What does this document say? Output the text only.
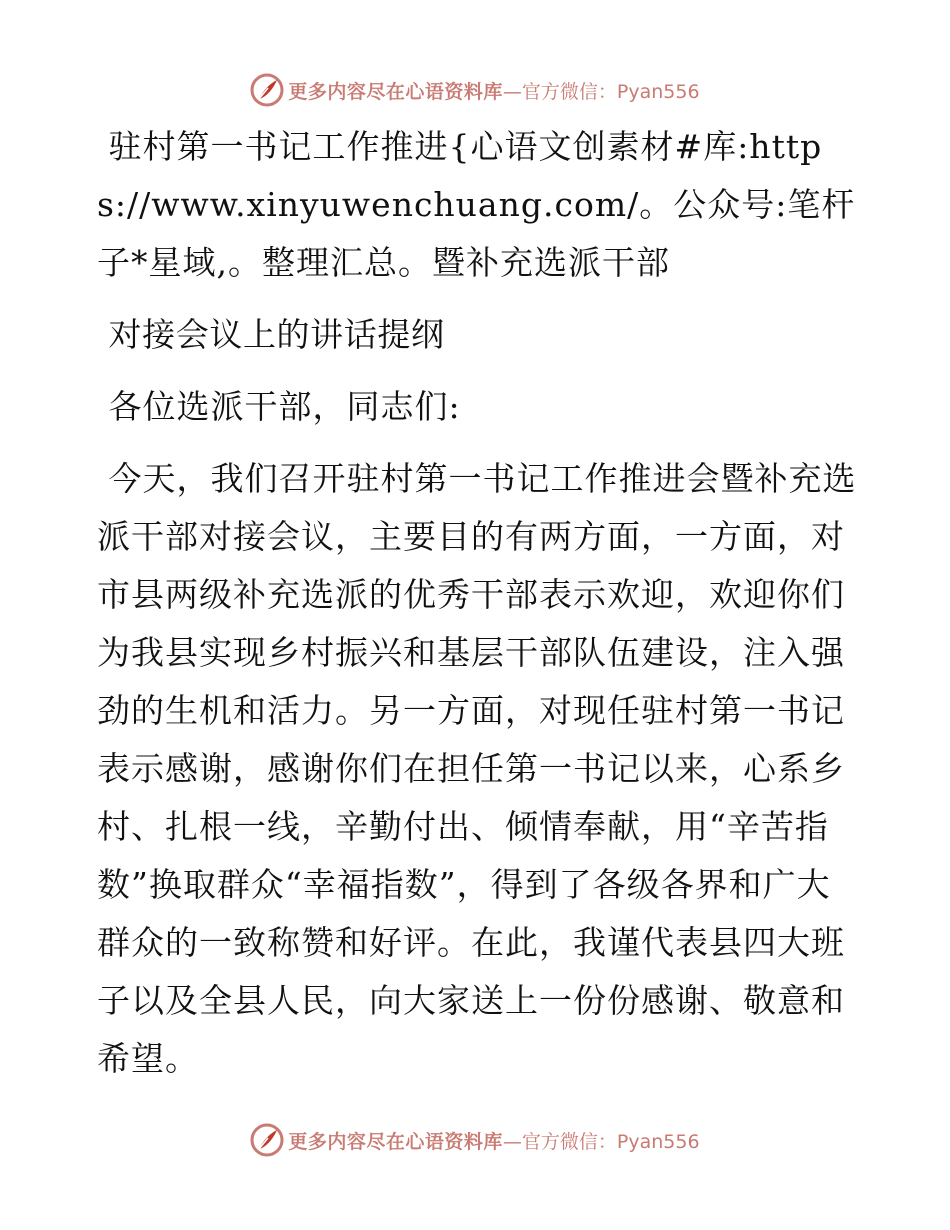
更多内容尽在心语资料库 —官方微信：Pyan556

驻村第一书记工作推进{心语文创素材#库:https://www.xinyuwenchuang.com/。公众号:笔杆子*星域,。整理汇总。暨补充选派干部

对接会议上的讲话提纲

各位选派干部，同志们:

今天，我们召开驻村第一书记工作推进会暨补充选派干部对接会议，主要目的有两方面，一方面，对市县两级补充选派的优秀干部表示欢迎，欢迎你们为我县实现乡村振兴和基层干部队伍建设，注入强劲的生机和活力。另一方面，对现任驻村第一书记表示感谢，感谢你们在担任第一书记以来，心系乡村、扎根一线，辛勤付出、倾情奉献，用“辛苦指数”换取群众“幸福指数”，得到了各级各界和广大群众的一致称赞和好评。在此，我谨代表县四大班子以及全县人民，向大家送上一份份感谢、敬意和希望。

更多内容尽在心语资料库 —官方微信：Pyan556
